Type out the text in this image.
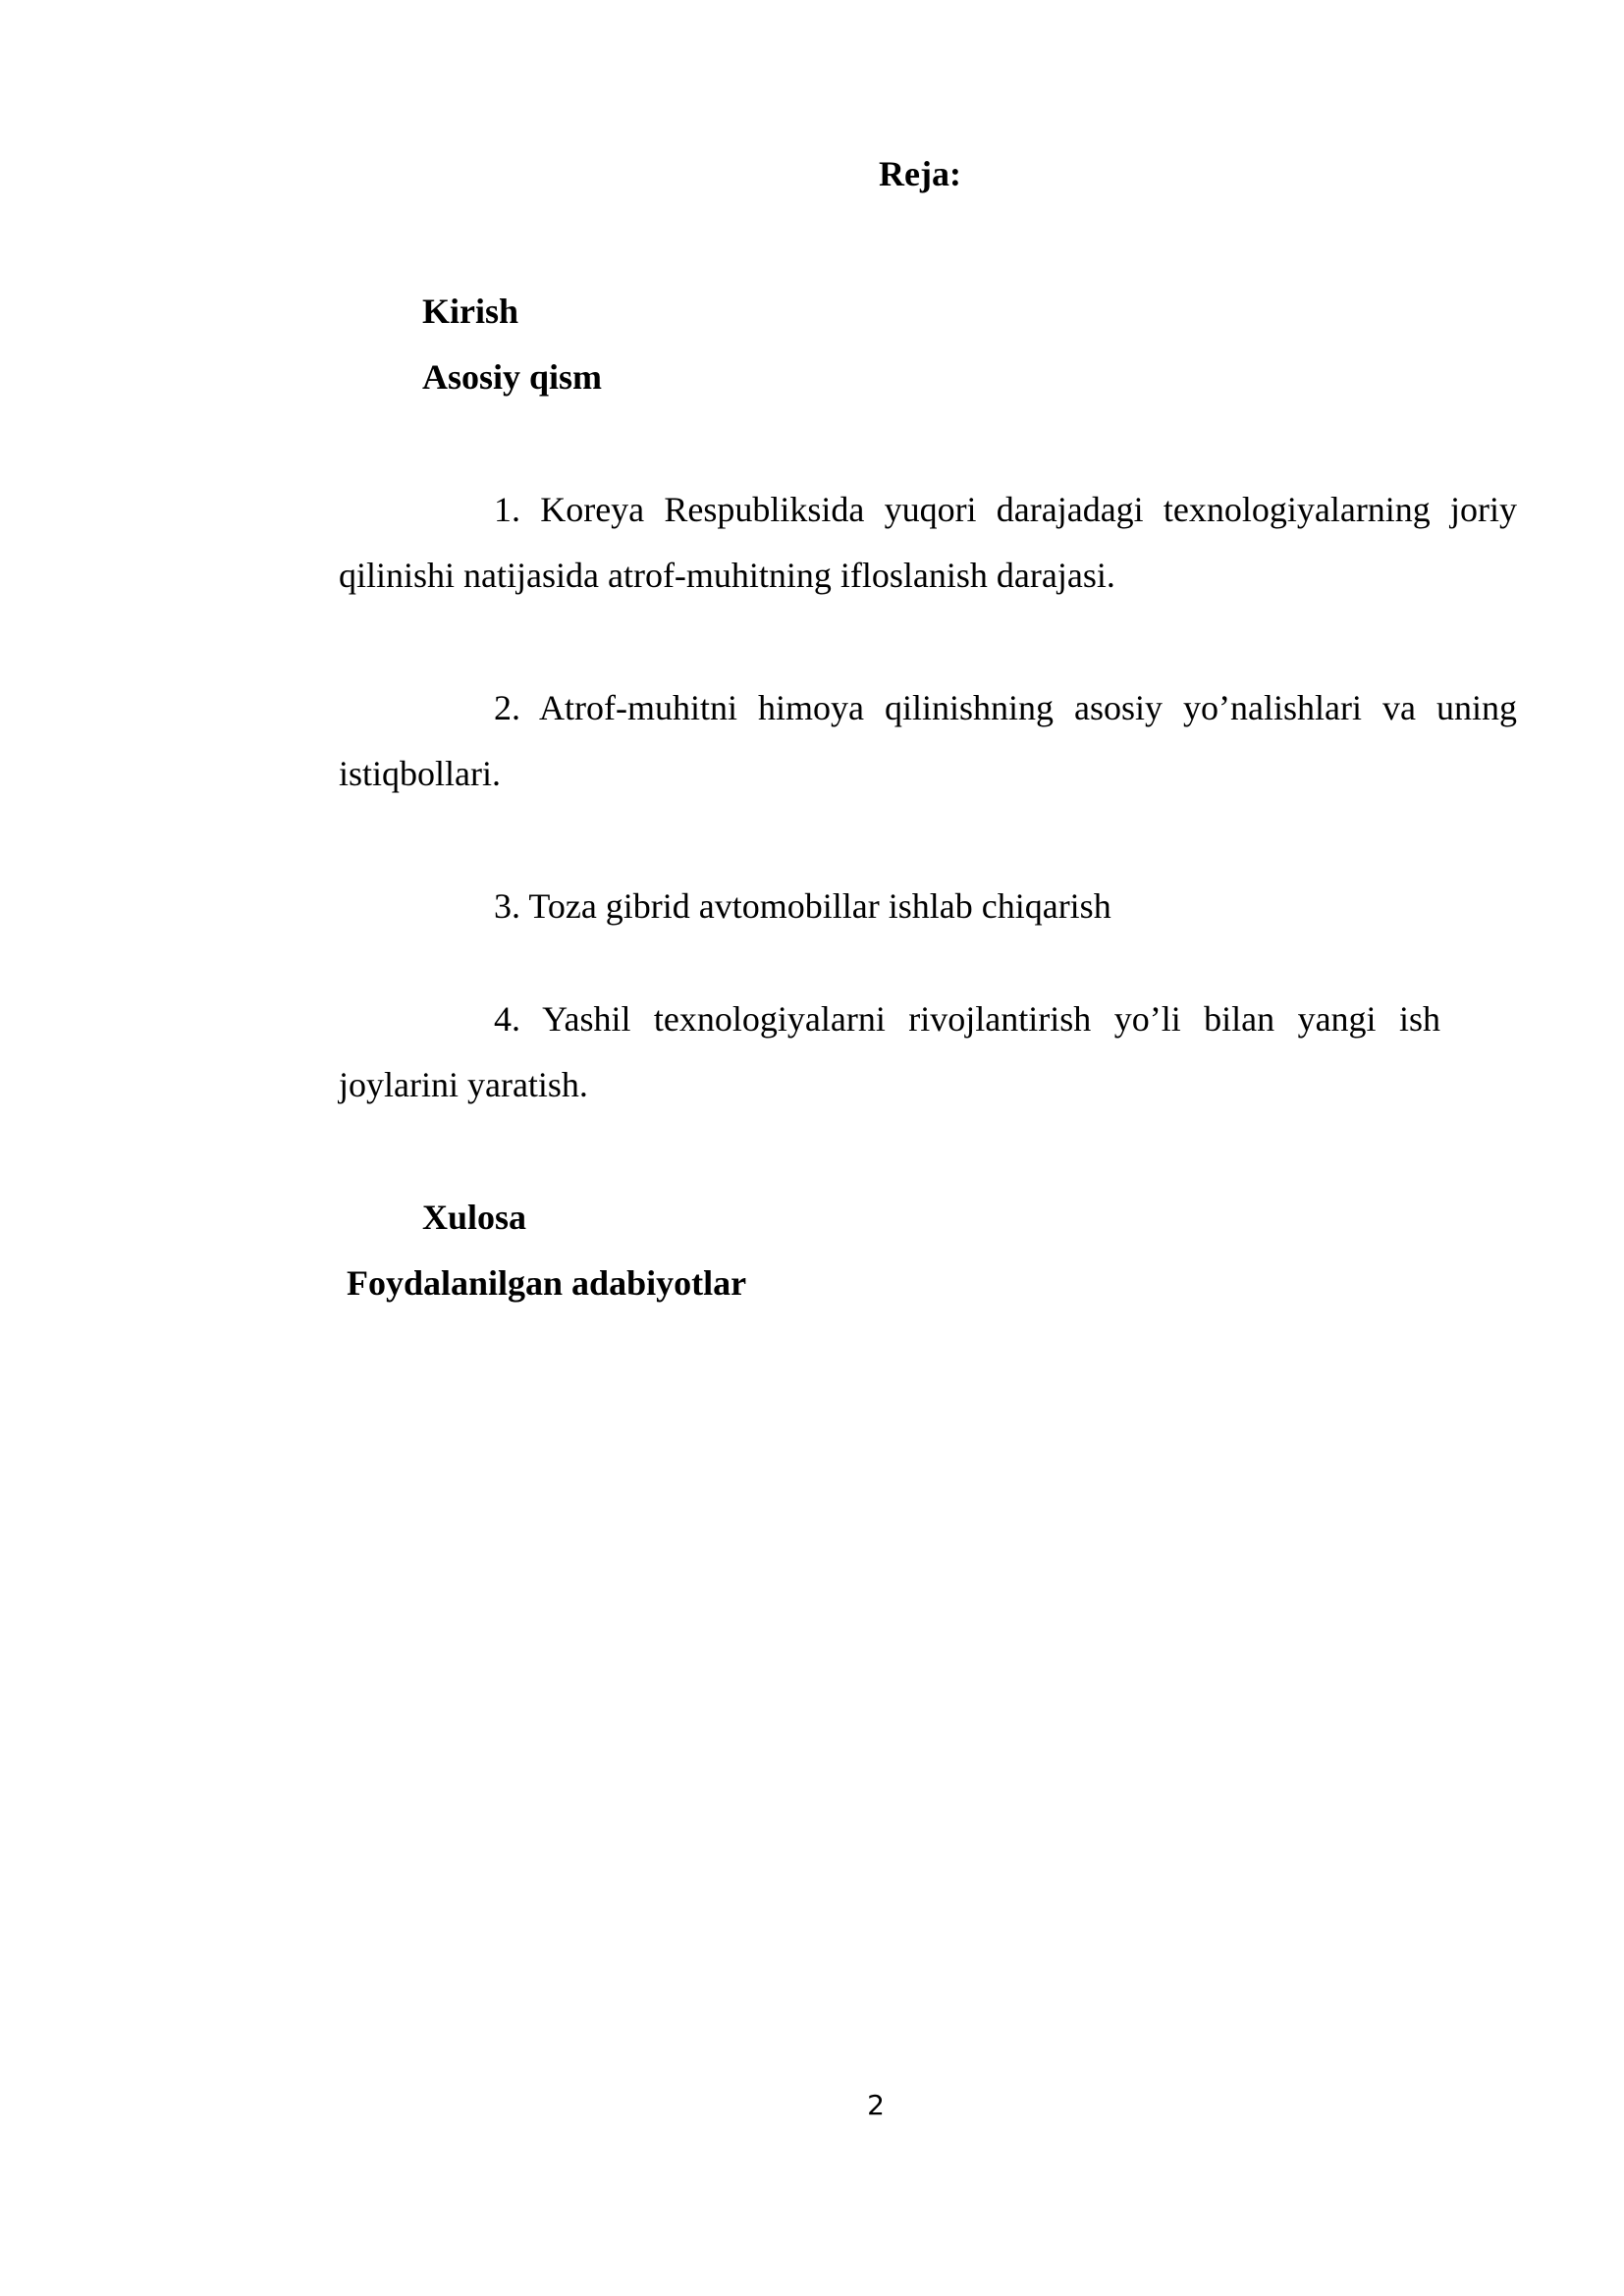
Reja:
Kirish
Asosiy qism
1. Koreya Respubliksida yuqori darajadagi texnologiyalarning joriy qilinishi natijasida atrof-muhitning ifloslanish darajasi.
2. Atrof-muhitni himoya qilinishning asosiy yo’nalishlari va uning istiqbollari.
3. Toza gibrid avtomobillar ishlab chiqarish
4. Yashil texnologiyalarni rivojlantirish yo’li bilan yangi ish joylarini yaratish.
Xulosa
Foydalanilgan adabiyotlar
2
